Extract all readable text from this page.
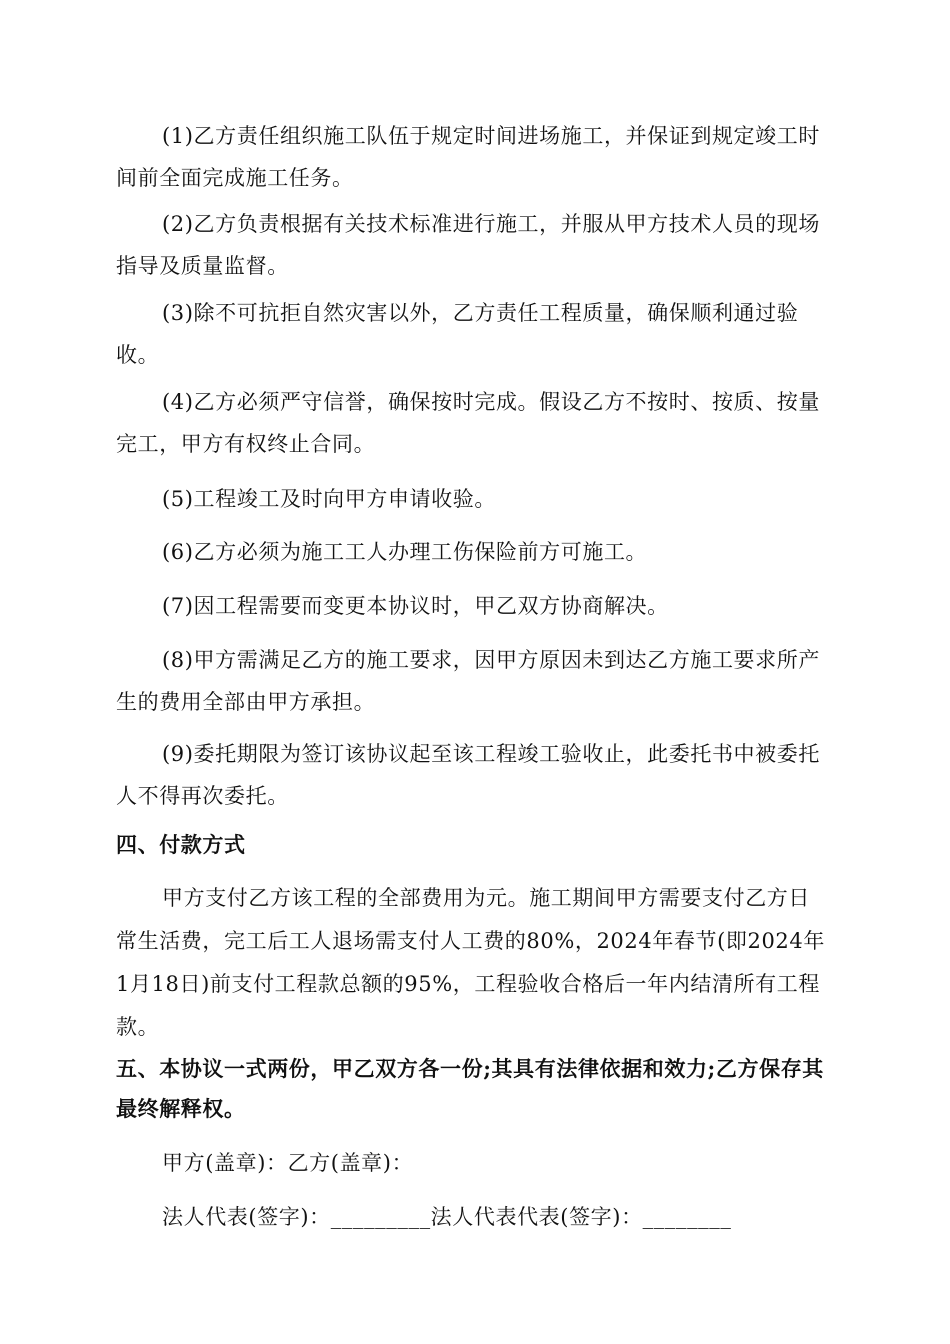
(1)乙方责任组织施工队伍于规定时间进场施工，并保证到规定竣工时间前全面完成施工任务。

(2)乙方负责根据有关技术标准进行施工，并服从甲方技术人员的现场指导及质量监督。

(3)除不可抗拒自然灾害以外，乙方责任工程质量，确保顺利通过验收。

(4)乙方必须严守信誉，确保按时完成。假设乙方不按时、按质、按量完工，甲方有权终止合同。

(5)工程竣工及时向甲方申请收验。

(6)乙方必须为施工工人办理工伤保险前方可施工。

(7)因工程需要而变更本协议时，甲乙双方协商解决。

(8)甲方需满足乙方的施工要求，因甲方原因未到达乙方施工要求所产生的费用全部由甲方承担。

(9)委托期限为签订该协议起至该工程竣工验收止，此委托书中被委托人不得再次委托。

四、付款方式

甲方支付乙方该工程的全部费用为元。施工期间甲方需要支付乙方日常生活费，完工后工人退场需支付人工费的80%，2024年春节(即2024年1月18日)前支付工程款总额的95%，工程验收合格后一年内结清所有工程款。

五、本协议一式两份，甲乙双方各一份;其具有法律依据和效力;乙方保存其最终解释权。

甲方(盖章)：乙方(盖章)：

法人代表(签字)：_________法人代表代表(签字)：________
